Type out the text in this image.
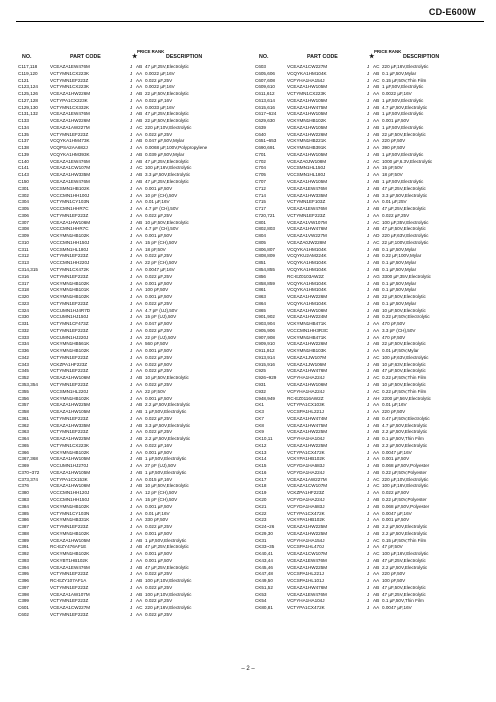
CD-E600W
NO.	PART CODE	★
PRICE RANK
DESCRIPTION
C117,118	VCEAZA1EW476M	J AB 47 µF,25V,Electrolytic
C119,120	VCTYMN1CX223K	J AA 0.0022 µF,16V
C121	VCTYMN1EF223Z	J AA 0.022 µF,25V
C123,124	VCTYMN1CX223K	J AA 0.0022 µF,16V
C125,126	VCEAZA1HW226M	J AB 22 µF,50V,Electrolytic
C127,128	VCTYPA1CX223K	J AA 0.022 µF,16V
C129,130	VCTYMN1CX332K	J AA 0.0033 µF,16V
C131,132	VCEAZA1EW476M	J AB 47 µF,25V,Electrolytic
C133	VCEAZA1HW226M	J AB 22 µF,50V,Electrolytic
C134	VCEAZA1AW227M	J AC 220 µF,10V,Electrolytic
C135	VCTYMN1EF223Z	J AA 0.022 µF,25V
C137	VCQYKA1HM473K	J AB 0.047 µF,50V,Mylar
C138	VCQPSA2AA682J	J AA 0.0068 µF,100V,Polypropylene
C139	VCQYKA1HM393K	J AB 0.039 µF,50V,Mylar
C140	VCEAZA1EW476M	J AB 47 µF,25V,Electrolytic
C141	VCEAZA1CW107M	J AC 100 µF,16V,Electrolytic
C143	VCEAZA1HW335M	J AB 3.3 µF,50V,Electrolytic
C150	VCEAZA1EW476M	J AB 47 µF,25V,Electrolytic
C301	VCCSMN1HB102K	J AA 0.001 µF,50V
C302	VCCCMN1HH100J	J AA 10 pF (CH),50V
C304	VCTYMN1CY103N	J AA 0.01 µF,16V
C305	VCCCMN1HHR7C	J AA 4.7 pF (CH),50V
C306	VCTYMN1EF223Z	J AA 0.022 µF,25V
C307	VCEAZA1HW106M	J AB 10 µF,50V,Electrolytic
C308	VCCCMN1HHR7C	J AA 4.7 pF (CH),50V
C309	VCKYMN1HB102K	J AA 0.001 µF,50V
C310	VCCCMN1HH150J	J AA 15 pF (CH),50V
C311	VCCSMN1HL180J	J AA 18 pF,50V
C312	VCTYMN1EF223Z	J AA 0.022 µF,25V
C313	VCCCMN1HH220J	J AA 22 pF (CH),50V
C314,315	VCTYMN1CX472K	J AA 0.0047 µF,16V
C316	VCTYMN1EF223Z	J AA 0.022 µF,25V
C317	VCKYMN1HB102K	J AA 0.001 µF,50V
C318	VCKYMN1HB101K	J AA 100 pF,50V
C320	VCKYMN1HB102K	J AA 0.001 µF,50V
C323	VCTYMN1EF223Z	J AA 0.022 µF,25V
C324	VCCUMN1HJ4R7D	J AA 4.7 pF (UJ),50V
C330	VCCUMN1HJ150J	J AA 15 pF (UJ),50V
C331	VCTYMN1CF473Z	J AA 0.047 µF,50V
C332	VCTYMN1EF223Z	J AA 0.022 µF,25V
C333	VCCUMN1HJ220J	J AA 22 pF (UJ),50V
C334	VCKYMN1HB561K	J AA 560 pF,50V
C336	VCKYMN1HB102K	J AA 0.001 µF,50V
C342	VCTYMN1EF223Z	J AA 0.022 µF,25V
C343	VCKZPA1HF223Z	J AA 0.022 µF,50V
C345	VCTYMN1EF223Z	J AA 0.022 µF,25V
C352	VCEAZA1HW106M	J AB 10 µF,50V,Electrolytic
C353,354	VCTYMN1EF223Z	J AA 0.022 µF,25V
C355	VCCSMN1HL220J	J AA 22 pF,50V
C356	VCKYMN1HB102K	J AA 0.001 µF,50V
C357	VCEAZA1HW225M	J AB 2.2 µF,50V,Electrolytic
C358	VCEAZA1HW105M	J AB 1 µF,50V,Electrolytic
C361	VCTYMN1EF223Z	J AA 0.022 µF,25V
C362	VCEAZA1HW335M	J AB 3.3 µF,50V,Electrolytic
C363	VCTYMN1EF223Z	J AA 0.022 µF,25V
C364	VCEAZA1HW225M	J AB 2.2 µF,50V,Electrolytic
C365	VCTYMN1CX223K	J AA 0.022 µF,16V
C366	VCKYMN1HB102K	J AA 0.001 µF,50V
C367,368	VCEAZA1HW105M	J AB 1 µF,50V,Electrolytic
C369	VCCUMN1HJ270J	J AA 27 pF (UJ),50V
C370~372 VCEAZA1HW105M	J AB 1 µF,50V,Electrolytic
C373,374	VCTYPA1CX153K	J AA 0.015 µF,16V
C376	VCEAZA1HW106M	J AB 10 µF,50V,Electrolytic
C380	VCCCMN1HH120J	J AA 12 pF (CH),50V
C383	VCCCMN1HH150J	J AA 15 pF (CH),50V
C384	VCKYMN1HB102K	J AA 0.001 µF,50V
C385	VCTYMN1CY103N	J AA 0.01 µF,16V
C386	VCKYMN1HB331K	J AA 330 pF,50V
C387	VCTYMN1EF223Z	J AA 0.022 µF,25V
C388	VCKYMN1HB102K	J AA 0.001 µF,50V
C389	VCEAZA1HW105M	J AB 1 µF,50V,Electrolytic
C391	RC-EZY476AF1E	J AB 47 µF,25V,Electrolytic
C392	VCKYMN1HB102K	J AA 0.001 µF,50V
C393	VCKYBT1HB102K	J AA 0.001 µF,50V
C394	VCEAZA1EW476M	J AB 47 µF,25V,Electrolytic
C395	VCTYMN1EF223Z	J AA 0.022 µF,25V
C396	RC-EZY107AF1A	J AB 100 µF,10V,Electrolytic
C397	VCTYMN1EF223Z	J AA 0.022 µF,25V
C398	VCEAZA1AW107M	J AB 100 µF,10V,Electrolytic
C399	VCTYMN1EF223Z	J AA 0.022 µF,25V
C601	VCEAZA1CW227M	J AC 220 µF,16V,Electrolytic
C602	VCTYMN1EF223Z	J AA 0.022 µF,25V
NO.	PART CODE	★
PRICE RANK
DESCRIPTION
C603	VCEAZA1CW227M	J AC 220 µF,16V,Electrolytic
C605,606	VCQYKA1HM104K	J AB 0.1 µF,50V,Mylar
C607,608	VCFYHA1HA154J	J AC 0.15 µF,50V,Thin Film
C609,610	VCEAZA1HW105M	J AB 1 µF,50V,Electrolytic
C611,612	VCTYMN1CX223K	J AA 0.0022 µF,16V
C613,614	VCEAZA1HW105M	J AB 1 µF,50V,Electrolytic
C615,616	VCEAZA1HW475M	J AB 4.7 µF,50V,Electrolytic
C617~624 VCEAZA1HW105M	J AB 1 µF,50V,Electrolytic
C629,630	VCKYMN1HB102K	J AA 0.001 µF,50V
C639	VCEAZA1HW105M	J AB 1 µF,50V,Electrolytic
C640	VCEAZA1HW226M	J AB 22 µF,50V,Electrolytic
C651~653 VCKYMN1HB221K	J AA 220 pF,50V
C690,691	VCKYMN1HB391K	J AA 390 pF,50V
C701	VCEAZA1HW105M	J AB 1 µF,50V,Electrolytic
C702	VCEAZA0JW108M	J AC 1000 µF,6.3V,Electrolytic
C704	VCCSMN1HL150J	J AA 15 pF,50V
C705	VCCSMN1HL180J	J AA 18 pF,50V
C707	VCEAZA1HW105M	J AB 1 µF,50V,Electrolytic
C712	VCEAZA1EW476M	J AB 47 µF,25V,Electrolytic
C714	VCEAZA1HW335M	J AB 3.3 µF,50V,Electrolytic
C715	VCTYMN1EF103Z	J AA 0.01 µF,25V
C717	VCEAZA1EW476M	J AB 47 µF,25V,Electrolytic
C720,721	VCTYMN1EF223Z	J AA 0.022 µF,25V
C801	VCEAZA1VW107M	J AC 100 µF,35V,Electrolytic
C802,803	VCEAZA1HW476M	J AB 47 µF,50V,Electrolytic
C804	VCEAZA1VW227M	J AD 220 µF,63V,Electrolytic
C805	VCEAZA0JW228M	J AC 22 µF,100V,Electrolytic
C806,807	VCQYKA1HM104K	J AB 0.1 µF,50V,Mylar
C808,809	VCQYKU2AM224K	J AB 0.22 µF,100V,Mylar
C851	VCQYKA1HM104K	J AB 0.1 µF,50V,Mylar
C854,855	VCQYKA1HM104K	J AB 0.1 µF,50V,Mylar
C856	RC-EZ0103AW2Z	J AG 3300 µF,35V,Electrolytic
C858,859	VCQYKA1HM104K	J AB 0.1 µF,50V,Mylar
C861	VCQYKA1HM104K	J AB 0.1 µF,50V,Mylar
C863	VCEAZA1HW226M	J AB 22 µF,50V,Electrolytic
C864	VCQYKA1HM104K	J AB 0.1 µF,50V,Mylar
C865	VCEAZA1HW106M	J AB 10 µF,50V,Electrolytic
C901,902	VCEAZA1HW224M	J AB 0.22 µF,50V,Electrolytic
C903,904	VCKYMN1HB471K	J AA 470 pF,50V
C905,906	VCCCMN1HH3R3C	J AA 3.3 pF (CH),50V
C907,908	VCKYMN1HB471K	J AA 470 pF,50V
C909,910	VCEAZA1HW226M	J AB 22 µF,50V,Electrolytic
C911,912	VCKYMN1HB103K	J AA 0.01 µF,50V,Mylar
C913,914	VCEAZA1JW107M	J AC 100 µF,63V,Electrolytic
C915,916	VCEAZA1JW106M	J AB 10 µF,63V,Electrolytic
C925	VCEAZA1HW476M	J AB 47 µF,50V,Electrolytic
C926~929 VCFYHA1HA224J	J AC 0.22 µF,50V,Thin Film
C931	VCEAZA1HW106M	J AB 10 µF,50V,Electrolytic
C932	VCFYHA1HA224J	J AC 0.22 µF,50V,Thin Film
C948,949	RC-EZ0116AW2Z	J AH 2200 µF,56V,Electrolytic
CK1	VCTYPA1CX103K	J AA 0.01 µF,16V
CK3	VCCSPA1HL221J	J AA 220 pF,50V
CK7	VCEAZA1HW474M	J AB 0.47 µF,50V,Electrolytic
CK8	VCEAZA1HW475M	J AB 4.7 µF,50V,Electrolytic
CK9	VCEAZA1HW225M	J AB 2.2 µF,50V,Electrolytic
CK10,11	VCFYHA1HA104J	J AB 0.1 µF,50V,Thin Film
CK12	VCEAZA1HW225M	J AB 2.2 µF,50V,Electrolytic
CK13	VCTYPA1CX472K	J AA 0.0047 µF,16V
CK14	VCKYPA1HB102K	J AA 0.001 µF,50V
CK15	VCFYDA1HA683J	J AB 0.068 µF,50V,Polyester
CK16	VCFYDA1HA224J	J AB 0.22 µF,50V,Polyester
CK17	VCEAZA1AW227M	J AC 220 µF,10V,Electrolytic
CK18	VCEAZA1CW107M	J AC 100 µF,16V,Electrolytic
CK19	VCKZPA1HF223Z	J AA 0.022 µF,50V
CK20	VCFYDA1HA224J	J AB 0.22 µF,50V,Polyester
CK21	VCFYDA1HA683J	J AB 0.068 µF,50V,Polyester
CK22	VCTYPA1CX472K	J AA 0.0047 µF,16V
CK23	VCKYPA1HB102K	J AA 0.001 µF,50V
CK24~26	VCEAZA1HW225M	J AB 2.2 µF,50V,Electrolytic
CK29,30	VCEAZA1HW225M	J AB 2.2 µF,50V,Electrolytic
CK31	VCFYHA1HA154J	J AC 0.15 µF,50V,Thin Film
CK33~35	VCCSPA1HL470J	J AA 47 pF,50V
CK40,41	VCEAZA1CW107M	J AC 100 µF,16V,Electrolytic
CK43,44	VCEAZA1EW476M	J AB 47 µF,25V,Electrolytic
CK45,46	VCEAZA1HW225M	J AB 2.2 µF,50V,Electrolytic
CK47,48	VCCSPA1HL221J	J AA 220 pF,50V
CK49,50	VCCSPA1HL101J	J AA 100 pF,50V
CK51,52	VCEAZA1HW476M	J AB 47 µF,50V,Electrolytic
CK53	VCEAZA1EW476M	J AB 47 µF,25V,Electrolytic
CK54	VCFYHA1HA104J	J AB 0.1 µF,50V,Thin Film
CK80,81	VCTYPA1CX472K	J AA 0.0047 µF,16V
– 2 –
